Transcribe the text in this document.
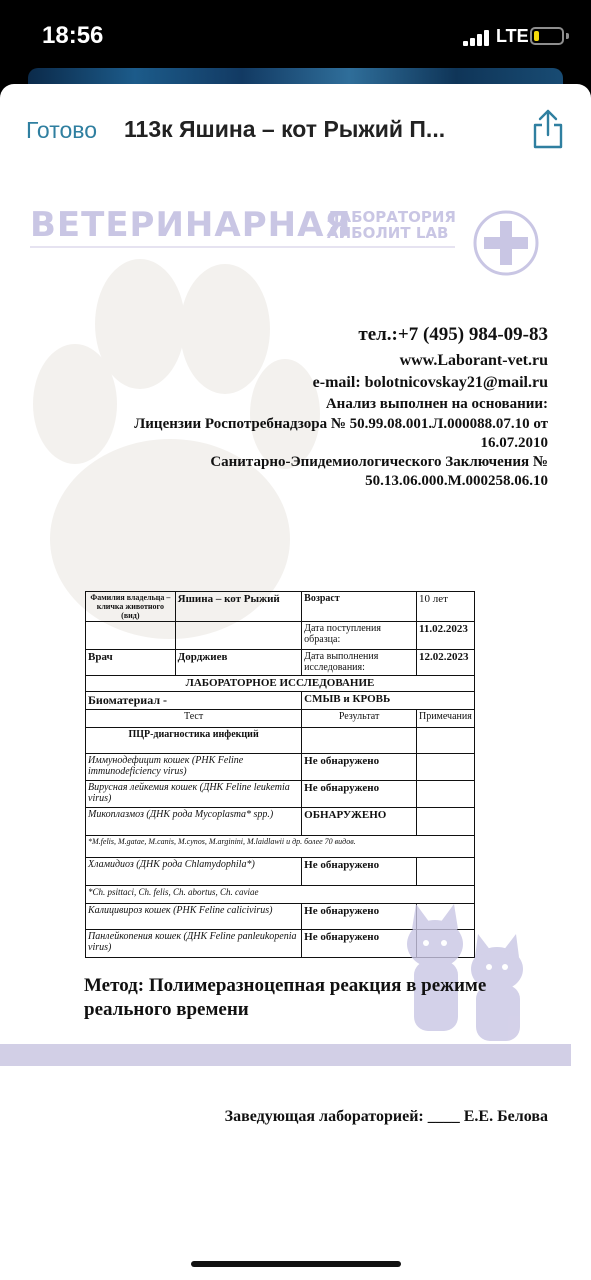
18:56	LTE
Готово 113к Яшина – кот Рыжий П...
ВЕТЕРИНАРНАЯ
ЛАБОРАТОРИЯ
АЙБОЛИТ LAB
тел.:+7 (495) 984-09-83
www.Laborant-vet.ru
e-mail: bolotnicovskay21@mail.ru
Анализ выполнен на основании:
Лицензии Роспотребнадзора № 50.99.08.001.Л.000088.07.10 от
16.07.2010
Санитарно-Эпидемиологического Заключения №
50.13.06.000.М.000258.06.10
Фамилия владельца – кличка животного (вид)	Яшина – кот Рыжий	Возраст	10 лет
		Дата поступления образца:	11.02.2023
Врач	Дорджиев	Дата выполнения исследования:	12.02.2023
ЛАБОРАТОРНОЕ ИССЛЕДОВАНИЕ			
Биоматериал -		СМЫВ и КРОВЬ	
Тест		Результат	Примечания
ПЦР-диагностика инфекций			
Иммунодефицит кошек (РНК Feline immunodeficiency virus)		Не обнаружено	
Вирусная лейкемия кошек (ДНК Feline leukemia virus)		Не обнаружено	
Микоплазмоз (ДНК рода Mycoplasma* spp.)		ОБНАРУЖЕНО	
*M.felis, M.gatae, M.canis, M.cynos, M.arginini, M.laidlawii и др. более 70 видов.			
Хламидиоз (ДНК рода Chlamydophila*)		Не обнаружено	
*Ch. psittaci, Ch. felis, Ch. abortus, Ch. caviae			
Калицивироз кошек (РНК Feline calicivirus)		Не обнаружено	
Панлейкопения кошек (ДНК Feline panleukopenia virus)		Не обнаружено	
Метод: Полимеразноцепная реакция в режиме реального времени
Заведующая лабораторией: ____ Е.Е. Белова
